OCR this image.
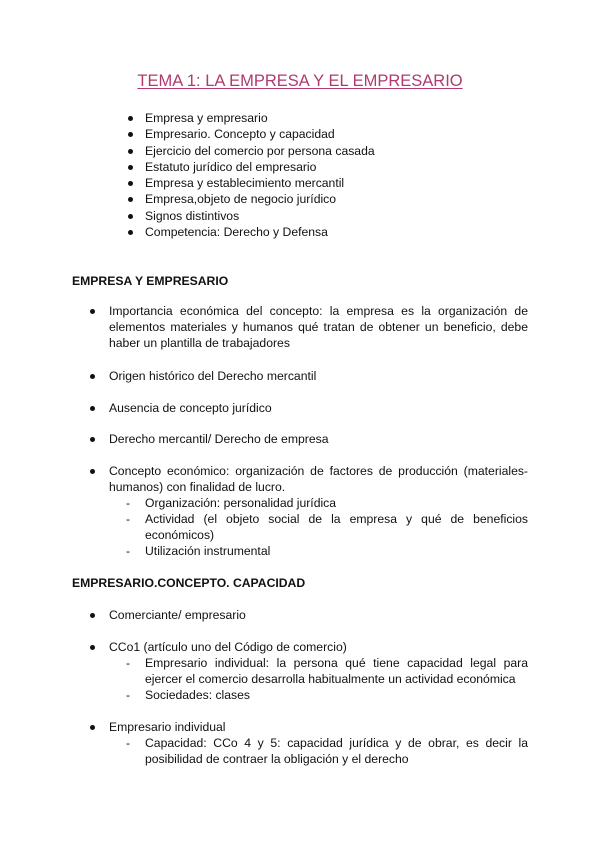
TEMA 1: LA EMPRESA Y EL EMPRESARIO
Empresa y empresario
Empresario. Concepto y capacidad
Ejercicio del comercio por persona casada
Estatuto jurídico del empresario
Empresa y establecimiento mercantil
Empresa,objeto de negocio jurídico
Signos distintivos
Competencia: Derecho y Defensa
EMPRESA Y EMPRESARIO
Importancia económica del concepto: la empresa es la organización de elementos materiales y humanos qué tratan de obtener un beneficio, debe haber un plantilla de trabajadores
Origen histórico del Derecho mercantil
Ausencia de concepto jurídico
Derecho mercantil/ Derecho de empresa
Concepto económico: organización de factores de producción (materiales-humanos) con finalidad de lucro.
- Organización: personalidad jurídica
- Actividad (el objeto social de la empresa y qué de beneficios económicos)
- Utilización instrumental
EMPRESARIO.CONCEPTO. CAPACIDAD
Comerciante/ empresario
CCo1 (artículo uno del Código de comercio)
- Empresario individual: la persona qué tiene capacidad legal para ejercer el comercio desarrolla habitualmente un actividad económica
- Sociedades: clases
Empresario individual
- Capacidad: CCo 4 y 5: capacidad jurídica y de obrar, es decir la posibilidad de contraer la obligación y el derecho
